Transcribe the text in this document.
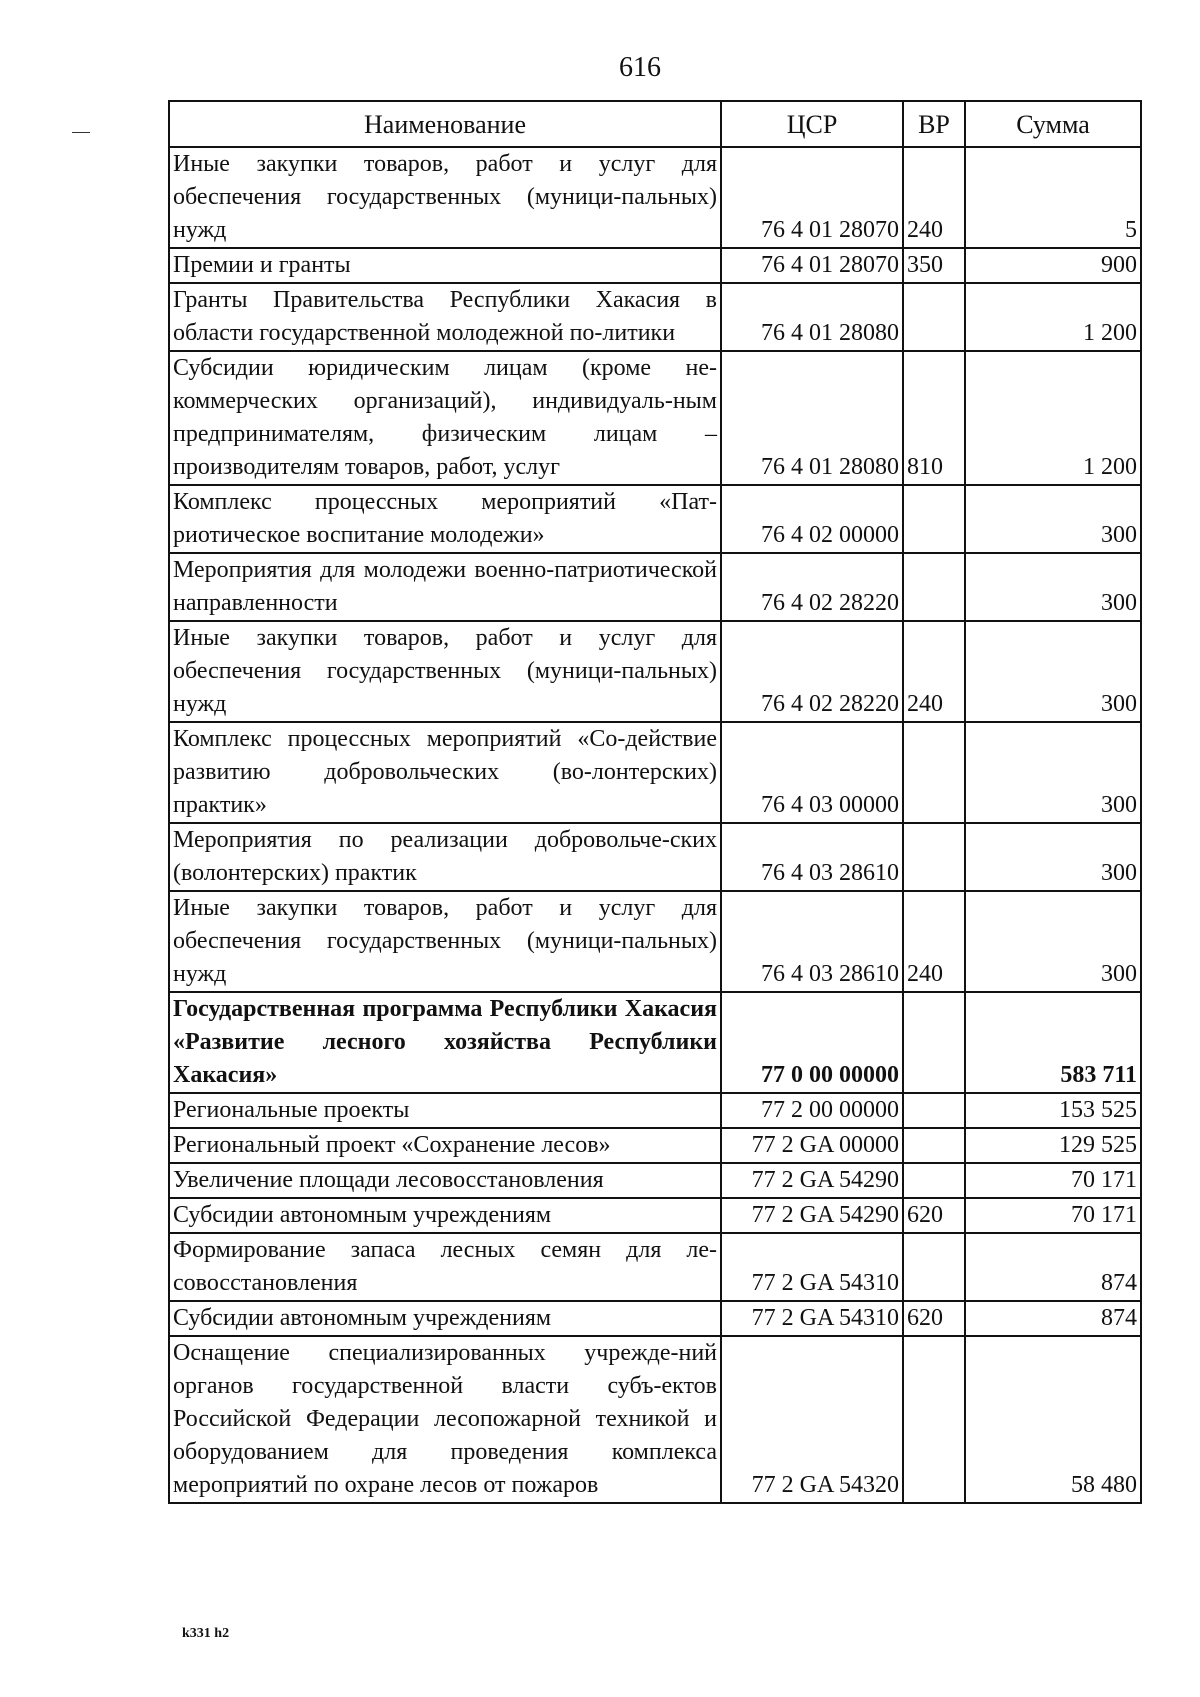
616
Наименование	ЦСР	ВР	Сумма
Иные закупки товаров, работ и услуг для обеспечения государственных (муници-пальных) нужд	76 4 01 28070	240	5
Премии и гранты	76 4 01 28070	350	900
Гранты Правительства Республики Хакасия в области государственной молодежной по-литики	76 4 01 28080		1 200
Субсидии юридическим лицам (кроме не-коммерческих организаций), индивидуаль-ным предпринимателям, физическим лицам – производителям товаров, работ, услуг	76 4 01 28080	810	1 200
Комплекс процессных мероприятий «Пат-риотическое воспитание молодежи»	76 4 02 00000		300
Мероприятия для молодежи военно-патриотической направленности	76 4 02 28220		300
Иные закупки товаров, работ и услуг для обеспечения государственных (муници-пальных) нужд	76 4 02 28220	240	300
Комплекс процессных мероприятий «Со-действие развитию добровольческих (во-лонтерских) практик»	76 4 03 00000		300
Мероприятия по реализации добровольче-ских (волонтерских) практик	76 4 03 28610		300
Иные закупки товаров, работ и услуг для обеспечения государственных (муници-пальных) нужд	76 4 03 28610	240	300
Государственная программа Республики Хакасия «Развитие лесного хозяйства Республики Хакасия»	77 0 00 00000		583 711
Региональные проекты	77 2 00 00000		153 525
Региональный проект «Сохранение лесов»	77 2 GA 00000		129 525
Увеличение площади лесовосстановления	77 2 GA 54290		70 171
Субсидии автономным учреждениям	77 2 GA 54290	620	70 171
Формирование запаса лесных семян для ле-совосстановления	77 2 GA 54310		874
Субсидии автономным учреждениям	77 2 GA 54310	620	874
Оснащение специализированных учрежде-ний органов государственной власти субъ-ектов Российской Федерации лесопожарной техникой и оборудованием для проведения комплекса мероприятий по охране лесов от пожаров	77 2 GA 54320		58 480
k331 h2
